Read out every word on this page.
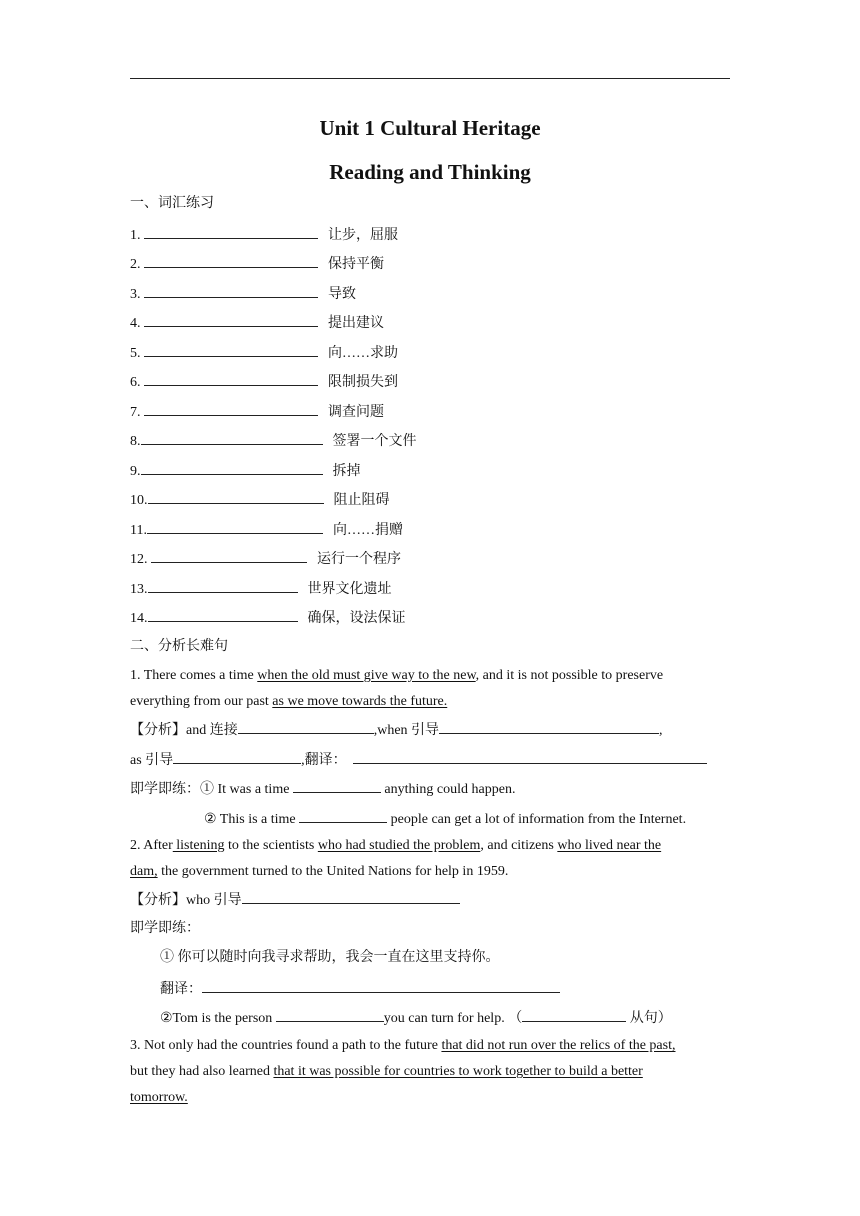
Unit 1 Cultural Heritage
Reading and Thinking
一、词汇练习
1.	让步，屈服
2.	保持平衡
3.	导致
4.	提出建议
5.	向……求助
6.	限制损失到
7.	调查问题
8.	签署一个文件
9.	拆掉
10.	阻止阻碍
11.	向……捐赠
12.	运行一个程序
13.	世界文化遗址
14.	确保，设法保证
二、分析长难句
1. There comes a time when the old must give way to the new, and it is not possible to preserve
everything from our past as we move towards the future.
【分析】and 连接	,when 引导	,
as 引导	,翻译：
即学即练：① It was a time	anything could happen.
② This is a time	people can get a lot of information from the Internet.
2. After listening to the scientists who had studied the problem, and citizens who lived near the
dam, the government turned to the United Nations for help in 1959.
【分析】who 引导
即学即练：
① 你可以随时向我寻求帮助，我会一直在这里支持你。
翻译：
②Tom is the person	you can turn for help. （	从句）
3. Not only had the countries found a path to the future that did not run over the relics of the past,
but they had also learned that it was possible for countries to work together to build a better
tomorrow.
